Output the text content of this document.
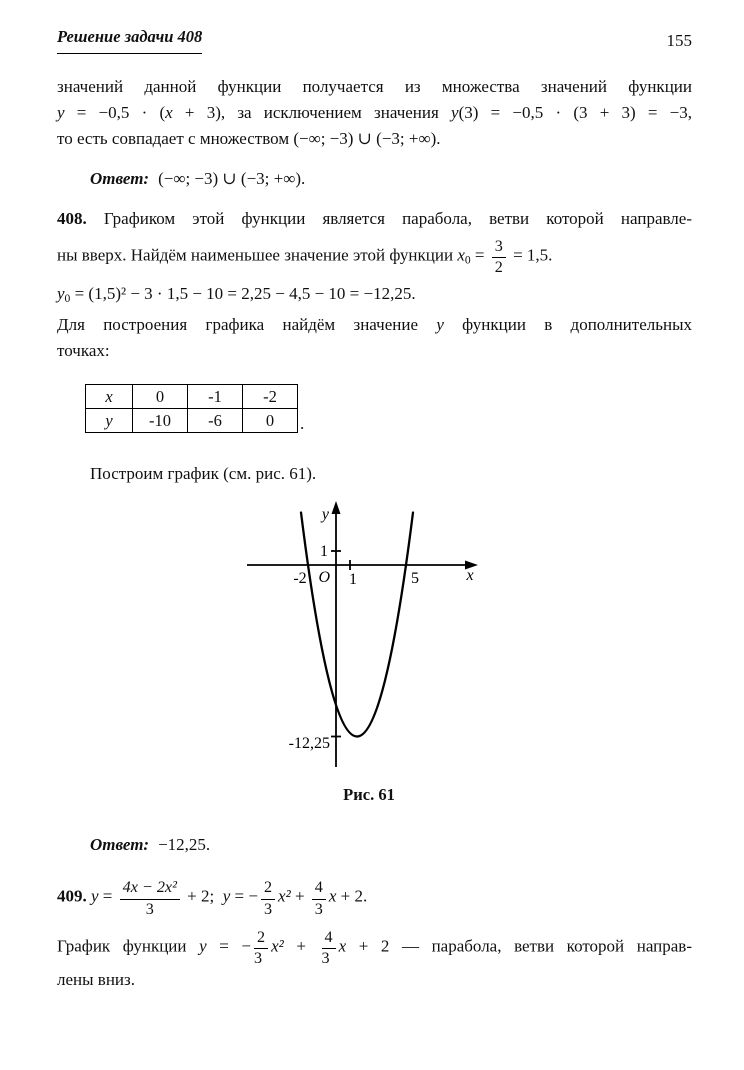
Решение задачи 408	155
значений данной функции получается из множества значений функции
y = −0,5 · (x + 3), за исключением значения y(3) = −0,5 · (3 + 3) = −3,
то есть совпадает с множеством (−∞; −3) ∪ (−3; +∞).
Ответ: (−∞; −3) ∪ (−3; +∞).
408. Графиком этой функции является парабола, ветви которой направле-
ны вверх. Найдём наименьшее значение этой функции $x_0 = \frac{3}{2} = 1,5$.
$y_0 = (1,5)^2 - 3 \cdot 1,5 - 10 = 2,25 - 4,5 - 10 = -12,25$.
Для построения графика найдём значение y функции в дополнительных
точках:
x	0	-1	-2
y	-10	-6	0 .
Построим график (см. рис. 61).
y
1
O
-2	1	5	x
-12,25
Рис. 61
Ответ: −12,25.
409. $y = \frac{\text{4x − 2x²}}{3} + 2$;  y = − $\frac{2}{3} x^2 + \frac{4}{3}$ x + 2.
График функции y = − $\frac{2}{3} x^2 + \frac{4}{3}$ x + 2 — парабола, ветви которой направ-
лены вниз.
